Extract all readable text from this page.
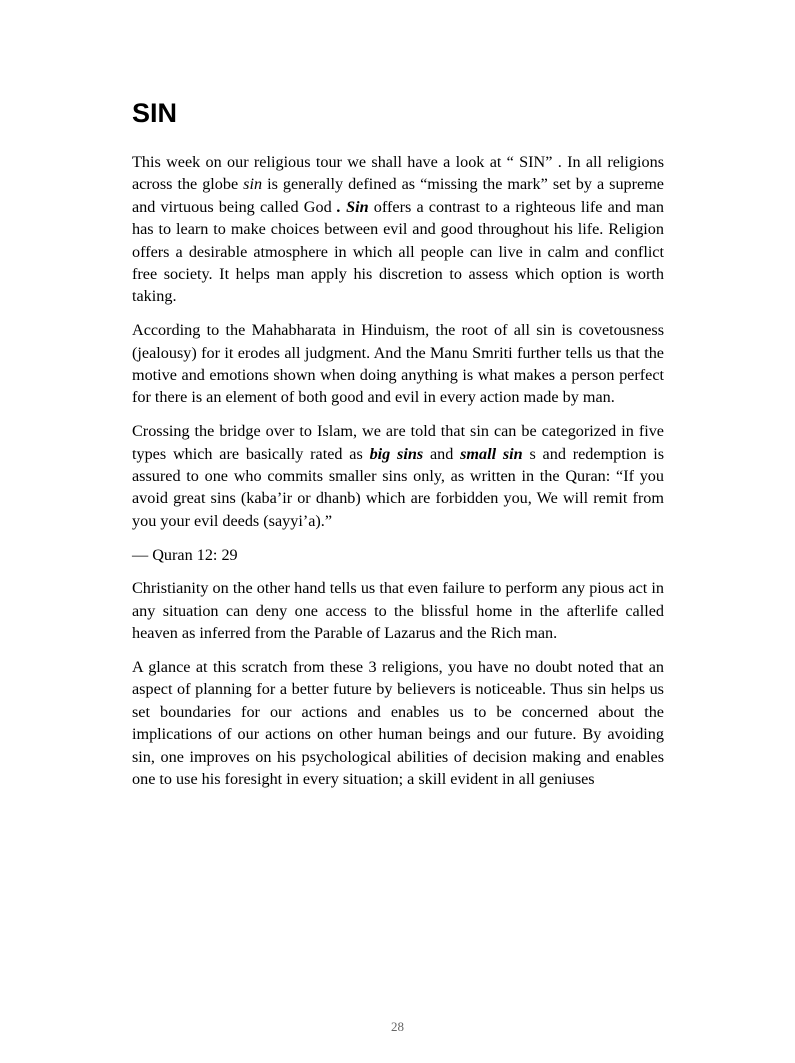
SIN

This week on our religious tour we shall have a look at “ SIN” . In all religions across the globe sin is generally defined as “missing the mark” set by a supreme and virtuous being called God . Sin offers a contrast to a righteous life and man has to learn to make choices between evil and good throughout his life. Religion offers a desirable atmosphere in which all people can live in calm and conflict free society. It helps man apply his discretion to assess which option is worth taking.

According to the Mahabharata in Hinduism, the root of all sin is covetousness (jealousy) for it erodes all judgment. And the Manu Smriti further tells us that the motive and emotions shown when doing anything is what makes a person perfect for there is an element of both good and evil in every action made by man.

Crossing the bridge over to Islam, we are told that sin can be categorized in five types which are basically rated as big sins and small sin s and redemption is assured to one who commits smaller sins only, as written in the Quran: “If you avoid great sins (kaba’ir or dhanb) which are forbidden you, We will remit from you your evil deeds (sayyi’a).”

— Quran 12: 29

Christianity on the other hand tells us that even failure to perform any pious act in any situation can deny one access to the blissful home in the afterlife called heaven as inferred from the Parable of Lazarus and the Rich man.

A glance at this scratch from these 3 religions, you have no doubt noted that an aspect of planning for a better future by believers is noticeable. Thus sin helps us set boundaries for our actions and enables us to be concerned about the implications of our actions on other human beings and our future. By avoiding sin, one improves on his psychological abilities of decision making and enables one to use his foresight in every situation; a skill evident in all geniuses

28
